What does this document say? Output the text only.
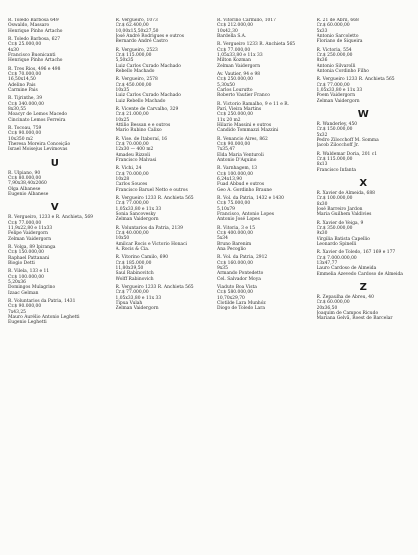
R. Toledo Barbosa 649
Oswaldo, Massaro
Henrique Pinho Artacho
R. Toledo Barbosa, 627
Cr.$ 25.000,00
4x30
Francisco Buonicanti
Henrique Pinho Artacho
R. Tres Rios, 496 e 498
Cr.$ 70.000,00
16,50x14,50
Adelino Pais
Carmine Pais
R. Tijrinthe, 39
Cr.$ 340.000,00
8x30,55
Moacyr de Lemos Macedo
Cincinato Lemos Ferreira
R. Tocoau, 759
Cr.$ 90.000,00
10x350 m2
Theresa Moreira Conceição
Israel Moisejus Levimovas
U
R. Ulpiano, 90
Cr.$ 80.000,00
7,90x38,40x2060
Olga Albanese
Eugenio Albanese
V
R. Vergueiro, 1233 e R. Anchieta, 569
Cr.$ 77.000,00
11,9x22,80 e 11x33
Felipe Vaidergorn
Zelman Vaidergorn
R. Volga, 89 Ipiranga
Cr.$ 150.000,00
Raphael Pattanani
Biogio Detti
R. Vilela, 133 e 11
Cr.$ 100.000,00
5,20x36
Domingos Mulagrino
Izaac Gelman
R. Voluntarios da Patria, 1431
Cr.$ 90.000,00
7x43,25
Mauro Aurélio Antonio Leghetti
Eugenio Leghetti
R. Vergueiro, 1073
Cr.$ 62.400,00
10,00x15,50x27,50
José André Rodrigues e outros
Bernardo André Castro
R. Vergueiro, 2523
Cr.$ 115.000,00
5,50x35
Luiz Carlos Curado Machado
Rebello Machado
R. Vergueiro, 2578
Cr.$ 450.000,00
10x35
Luiz Carlos Curado Machado
Luiz Rebello Machado
R. Vicente de Carvalho, 329
Cr.$ 21.000,00
10x25
Attilio Bessan e e outros
Mario Rubino Calixo
R. Vise. de Itaboraí, 16
Cr.$ 70.000,00
12x30 — 400 m2
Amadeu Rizzoli
Francisco Malvasi
R. Vichi, 24
Cr.$ 70.000,00
10x28
Carlos Souces
Francisco Baruel Netto e outros
R. Vergueiro 1233 R. Anchieta 565
Cr.$ 77.000,00
1,05x33,80 e 11x 33
Sonia Sancovesky
Zelman Vaidergorn
R. Voluntarios da Patria, 2139
Cr.$ 40.000,00
10x50
Amilcar Rocis e Victorio Honaci
A. Rocis & Cia.
R. Vitorino Camilo, 690
Cr.$ 185.000,00
11,80x39,50
Saul Rabinovitch
Wolff Rabinovich
R. Vergueiro 1233 R. Anchieta 565
Cr.$ 77.000,00
1,05x33,80 e 11x 33
Tipua Vulah
Zelman Vaidergorn
R. Vitorino Carmillo, 1017
Cr.$ 212.000,00
10x42,30
Bardella S.A.
R. Vergueiro 1233 R. Anchieta 565
Cr.$ 77.000,00
1,05x33,80 e 11x 33
Milton Kozman
Zelman Vaidergorn
Av. Vautier, 94 e 98
Cr.$ 250.000,00
5,30x50
Carlos Lourutto
Roberto Vautier Franco
R. Victorio Ramalho, 9 e 11 e R.
Parí, Vieira Martins
Cr.$ 250.000,00
11x 20 m2
Hilario Massini e outros
Candido Tommazzi Mazzini
R. Venancio Aires, 862
Cr.$ 90.000,00
7x35,47
Elda Maria Venturoli
Antonio D'Aquino
R. Varnhagem, 13
Cr.$ 100.000,00
6,24x13,90
Fuad Abbud e outros
Geo A. Gordinho Braune
R. Vol. da Patria, 1432 e 1430
Cr.$ 75.000,00
5,10x79
Francisco, Antonio Lopes
Antonio José Lopes
R. Vitoria, 3 e 15
Cr.$ 400.000,00
5x34
Bruno Barenim
Ana Pecoglio
R. Vol. da Patria, 2912
Cr.$ 160.000,00
9x35
Armando Pontedetto
Cel. Salvador Moya
Viaduto Boa Vista
Cr.$ 580.000,00
10,70x29,70
Clotilde Lara Munhóz
Diogo de Toledo Lara
R. 21 de Abril, 668
Cr.$ 60.000,00
5x33
Antonio Sarcoletto
Floriano de Siqueira
R. Victoria, 554
Cr.$ 250.000,00
8x36
Antonio Silvarolli
Antonia Cordinho Filho
R. Vergueiro 1233 R. Anchieta 565
Cr.$ 77.000,00
1,05x33,80 e 11x 33
Poem Vaidergorn
Zelman Vaidergorn
W
R. Wanderley, 450
Cr.$ 150.000,00
5x32
Pedro Zilocchoff M. Somma
Jacob Zilocchoff Jr.
R. Waldemar Doria, 201 c1
Cr.$ 115.000,00
6x13
Francisco Infanta
X
R. Xavier de Almeida, 688
Cr.$ 100.000,00
6x30
José Barreiro Jardon
Maria Guilhem Valdivies
R. Xavier de Veiga, 9
Cr.$ 350.000,00
9x30
Virgilia Batista Capellio
Leonardo Spinelli
R. Xavier de Toledo, 167 169 e 177
Cr.$ 7.000.000,00
13x47,77
Lauro Cardoso de Almeida
Emmelia Azevedo Cardoso de Almeida
Z
R. Zepaulha de Abreu, 40
Cr.$ 60.000,00
20x36,50
Joaquim de Campos Ricudo
Mariana Gelvã, Roest de Barcelar
